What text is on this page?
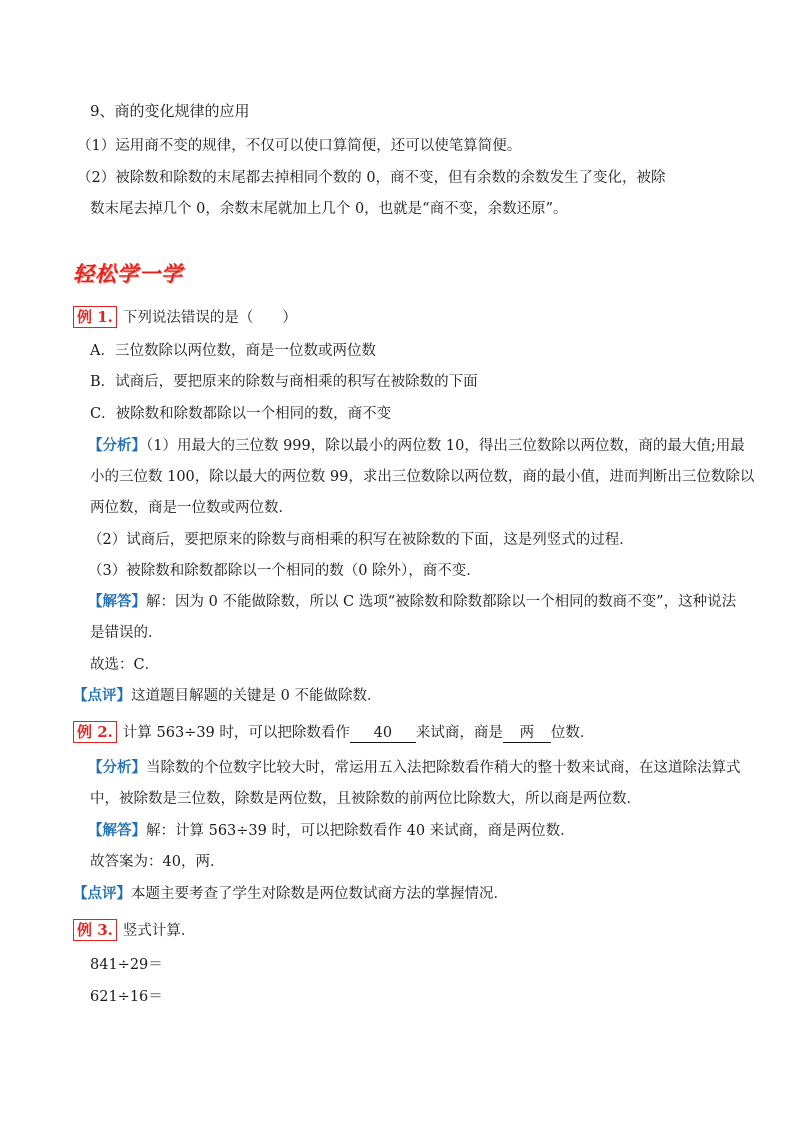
9、商的变化规律的应用
（1）运用商不变的规律，不仅可以使口算简便，还可以使笔算简便。
（2）被除数和除数的末尾都去掉相同个数的 0，商不变，但有余数的余数发生了变化，被除
数末尾去掉几个 0，余数末尾就加上几个 0，也就是“商不变，余数还原”。
轻松学一学
例 1. 下列说法错误的是（　　）
A．三位数除以两位数，商是一位数或两位数
B．试商后，要把原来的除数与商相乘的积写在被除数的下面
C．被除数和除数都除以一个相同的数，商不变
【分析】（1）用最大的三位数 999，除以最小的两位数 10，得出三位数除以两位数，商的最大值;用最
小的三位数 100，除以最大的两位数 99，求出三位数除以两位数，商的最小值，进而判断出三位数除以
两位数，商是一位数或两位数．
（2）试商后，要把原来的除数与商相乘的积写在被除数的下面，这是列竖式的过程．
（3）被除数和除数都除以一个相同的数（0 除外），商不变．
【解答】解：因为 0 不能做除数，所以 C 选项“被除数和除数都除以一个相同的数商不变”，这种说法
是错误的．
故选：C．
【点评】这道题目解题的关键是 0 不能做除数．
例 2. 计算 563÷39 时，可以把除数看作 40 来试商，商是 两 位数．
【分析】当除数的个位数字比较大时，常运用五入法把除数看作稍大的整十数来试商，在这道除法算式
中，被除数是三位数，除数是两位数，且被除数的前两位比除数大，所以商是两位数．
【解答】解：计算 563÷39 时，可以把除数看作 40 来试商，商是两位数．
故答案为：40，两．
【点评】本题主要考查了学生对除数是两位数试商方法的掌握情况．
例 3. 竖式计算．
841÷29＝
621÷16＝
